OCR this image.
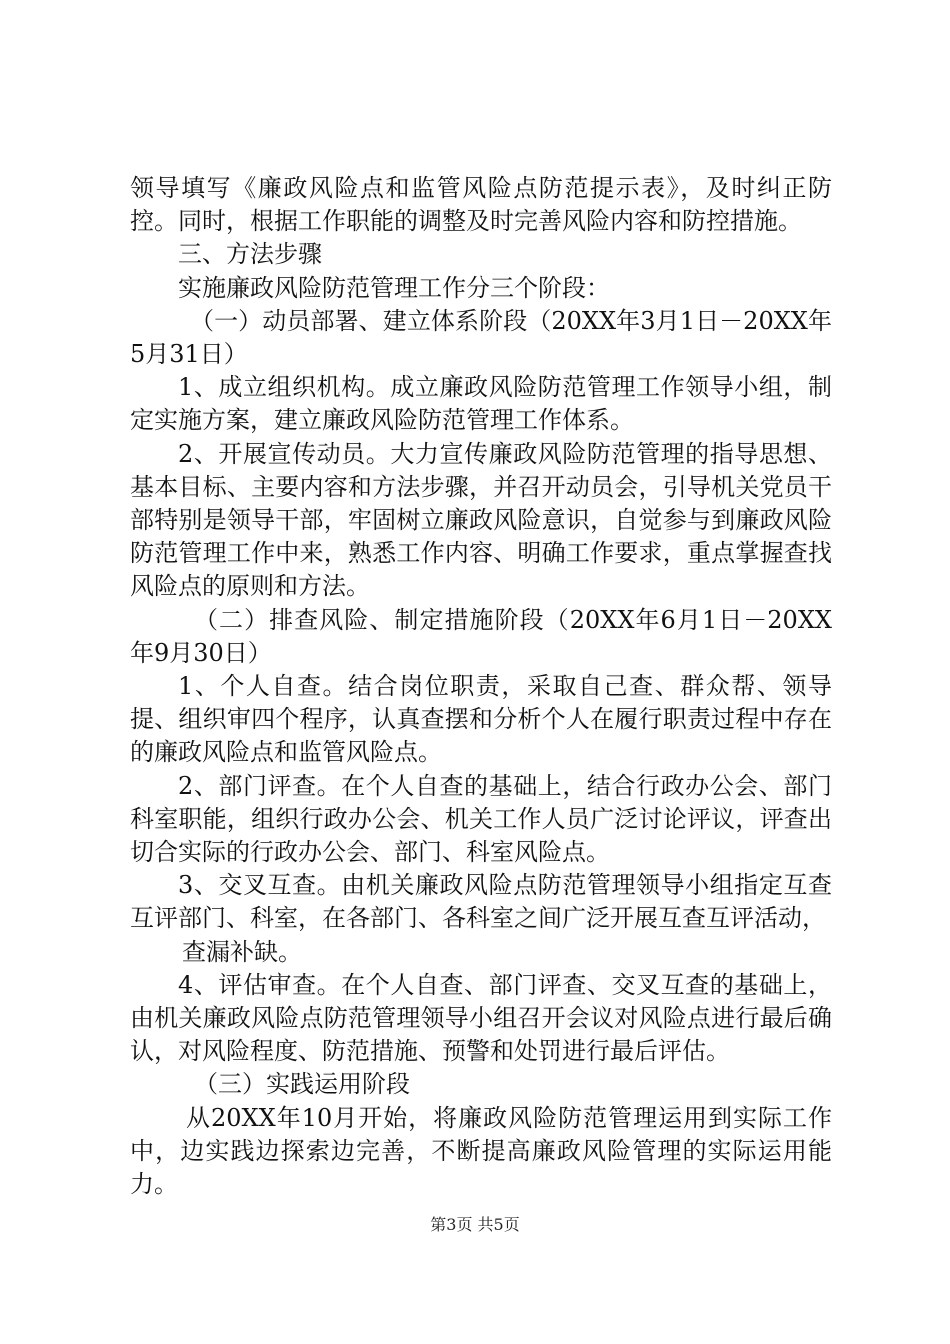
领导填写《廉政风险点和监管风险点防范提示表》，及时纠正防控。同时，根据工作职能的调整及时完善风险内容和防控措施。

三、方法步骤

实施廉政风险防范管理工作分三个阶段：

（一）动员部署、建立体系阶段（20XX年3月1日－20XX年5月31日）

1、成立组织机构。成立廉政风险防范管理工作领导小组，制定实施方案，建立廉政风险防范管理工作体系。

2、开展宣传动员。大力宣传廉政风险防范管理的指导思想、基本目标、主要内容和方法步骤，并召开动员会，引导机关党员干部特别是领导干部，牢固树立廉政风险意识，自觉参与到廉政风险防范管理工作中来，熟悉工作内容、明确工作要求，重点掌握查找风险点的原则和方法。

（二）排查风险、制定措施阶段（20XX年6月1日－20XX年9月30日）

1、个人自查。结合岗位职责，采取自己查、群众帮、领导提、组织审四个程序，认真查摆和分析个人在履行职责过程中存在的廉政风险点和监管风险点。

2、部门评查。在个人自查的基础上，结合行政办公会、部门科室职能，组织行政办公会、机关工作人员广泛讨论评议，评查出切合实际的行政办公会、部门、科室风险点。

3、交叉互查。由机关廉政风险点防范管理领导小组指定互查互评部门、科室，在各部门、各科室之间广泛开展互查互评活动，

查漏补缺。

4、评估审查。在个人自查、部门评查、交叉互查的基础上，由机关廉政风险点防范管理领导小组召开会议对风险点进行最后确认，对风险程度、防范措施、预警和处罚进行最后评估。

（三）实践运用阶段

从20XX年10月开始，将廉政风险防范管理运用到实际工作中，边实践边探索边完善，不断提高廉政风险管理的实际运用能力。

第3页 共5页
